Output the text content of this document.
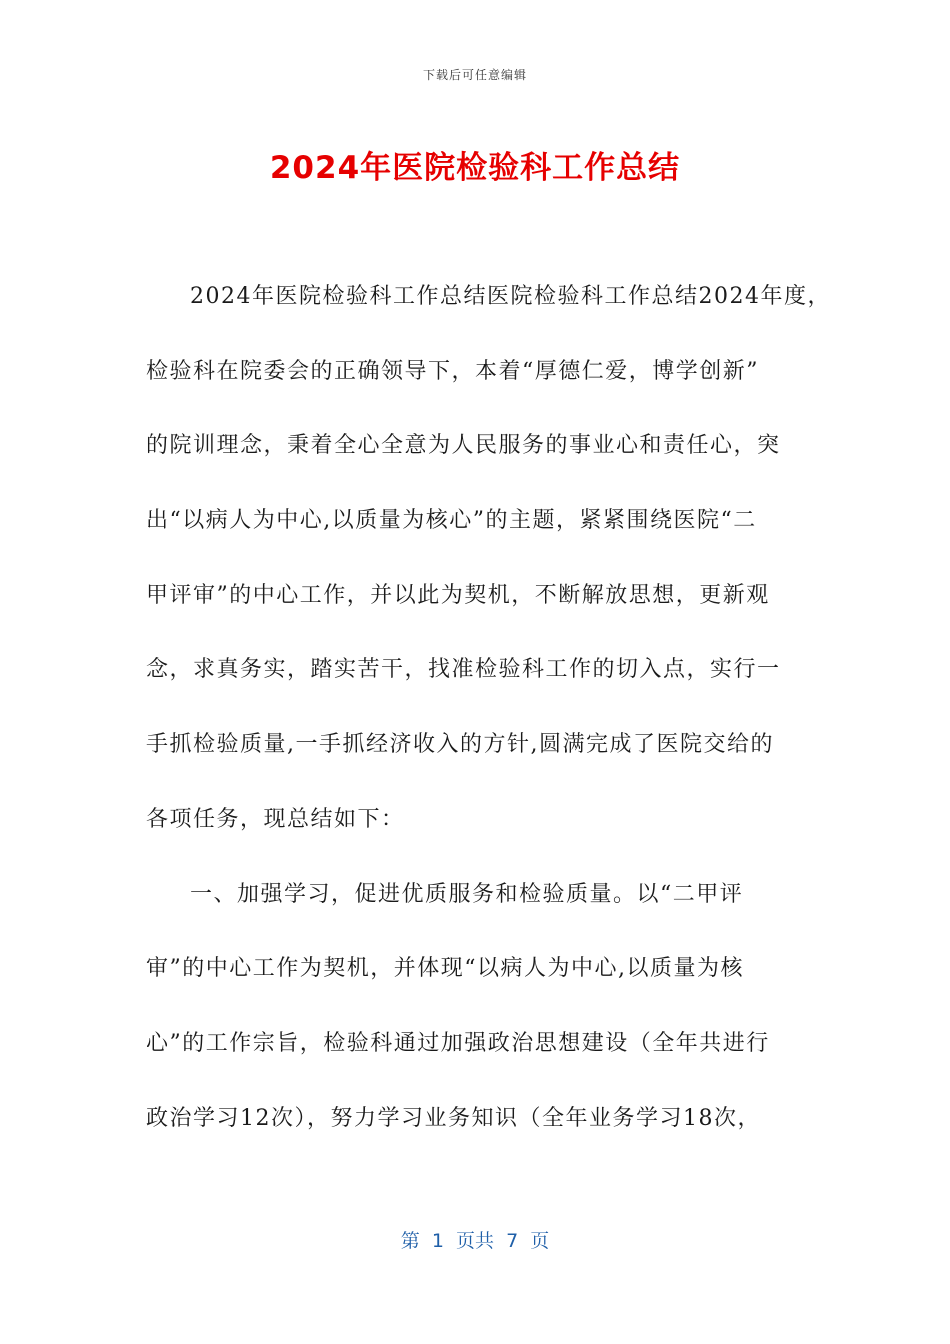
下载后可任意编辑
2024年医院检验科工作总结
2024年医院检验科工作总结医院检验科工作总结2024年度，
检验科在院委会的正确领导下，本着“厚德仁爱，博学创新”
的院训理念，秉着全心全意为人民服务的事业心和责任心，突
出“以病人为中心,以质量为核心”的主题，紧紧围绕医院“二
甲评审”的中心工作，并以此为契机，不断解放思想，更新观
念，求真务实，踏实苦干，找准检验科工作的切入点，实行一
手抓检验质量,一手抓经济收入的方针,圆满完成了医院交给的
各项任务，现总结如下：
一、加强学习，促进优质服务和检验质量。以“二甲评
审”的中心工作为契机，并体现“以病人为中心,以质量为核
心”的工作宗旨，检验科通过加强政治思想建设（全年共进行
政治学习12次），努力学习业务知识（全年业务学习18次，
第  1  页共  7  页
